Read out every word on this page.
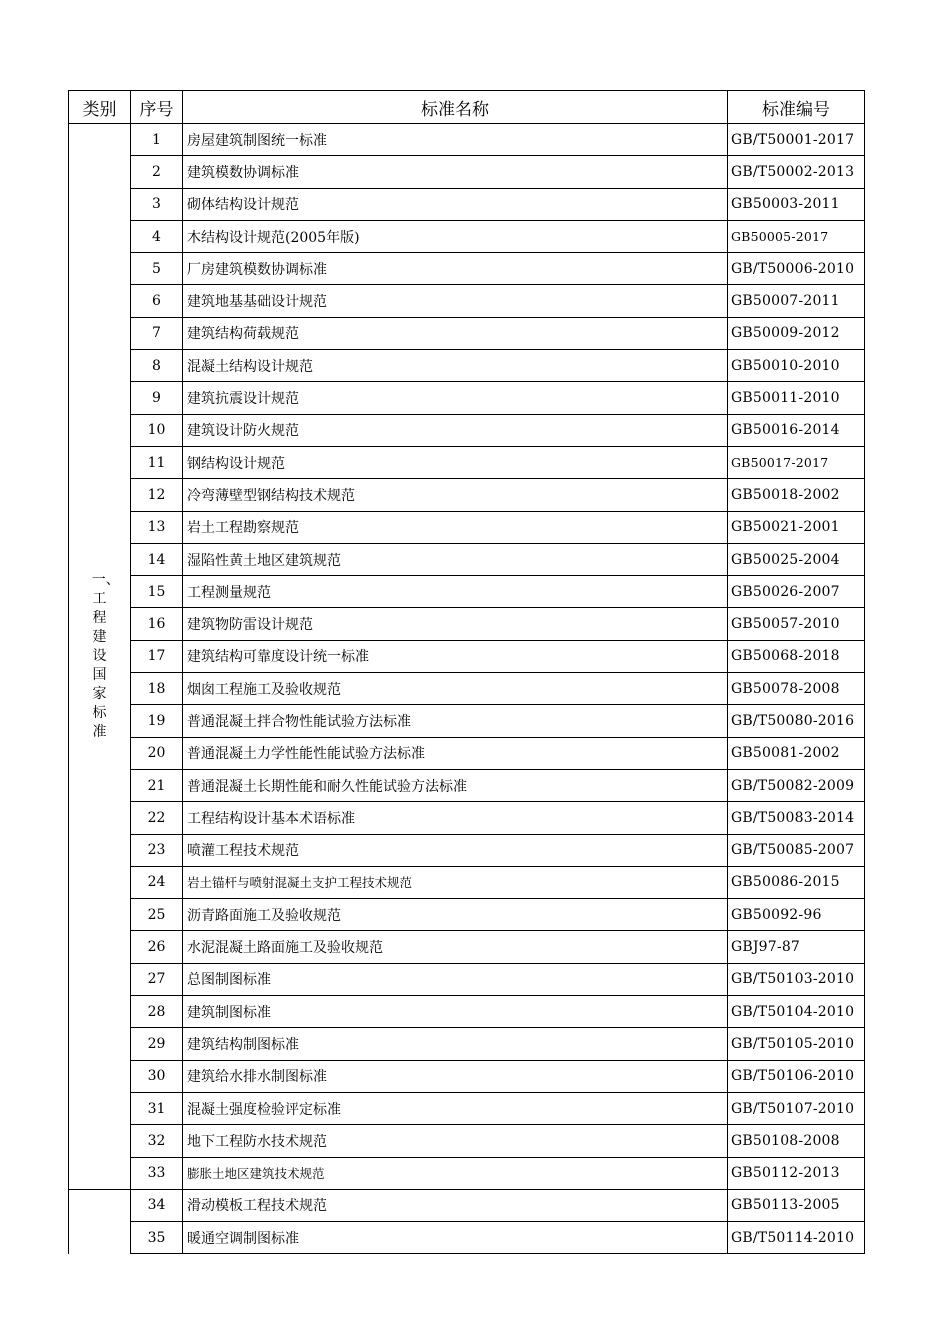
类别	序号	标准名称	标准编号
一、工程建设国家标准	1	房屋建筑制图统一标准	GB/T50001-2017
	2	建筑模数协调标准	GB/T50002-2013
	3	砌体结构设计规范	GB50003-2011
	4	木结构设计规范(2005年版)	GB50005-2017
	5	厂房建筑模数协调标准	GB/T50006-2010
	6	建筑地基基础设计规范	GB50007-2011
	7	建筑结构荷载规范	GB50009-2012
	8	混凝土结构设计规范	GB50010-2010
	9	建筑抗震设计规范	GB50011-2010
	10	建筑设计防火规范	GB50016-2014
	11	钢结构设计规范	GB50017-2017
	12	冷弯薄壁型钢结构技术规范	GB50018-2002
	13	岩土工程勘察规范	GB50021-2001
	14	湿陷性黄土地区建筑规范	GB50025-2004
	15	工程测量规范	GB50026-2007
	16	建筑物防雷设计规范	GB50057-2010
	17	建筑结构可靠度设计统一标准	GB50068-2018
	18	烟囱工程施工及验收规范	GB50078-2008
	19	普通混凝土拌合物性能试验方法标准	GB/T50080-2016
	20	普通混凝土力学性能性能试验方法标准	GB50081-2002
	21	普通混凝土长期性能和耐久性能试验方法标准	GB/T50082-2009
	22	工程结构设计基本术语标准	GB/T50083-2014
	23	喷灌工程技术规范	GB/T50085-2007
	24	岩土锚杆与喷射混凝土支护工程技术规范	GB50086-2015
	25	沥青路面施工及验收规范	GB50092-96
	26	水泥混凝土路面施工及验收规范	GBJ97-87
	27	总图制图标准	GB/T50103-2010
	28	建筑制图标准	GB/T50104-2010
	29	建筑结构制图标准	GB/T50105-2010
	30	建筑给水排水制图标准	GB/T50106-2010
	31	混凝土强度检验评定标准	GB/T50107-2010
	32	地下工程防水技术规范	GB50108-2008
	33	膨胀土地区建筑技术规范	GB50112-2013
	34	滑动模板工程技术规范	GB50113-2005
	35	暖通空调制图标准	GB/T50114-2010
